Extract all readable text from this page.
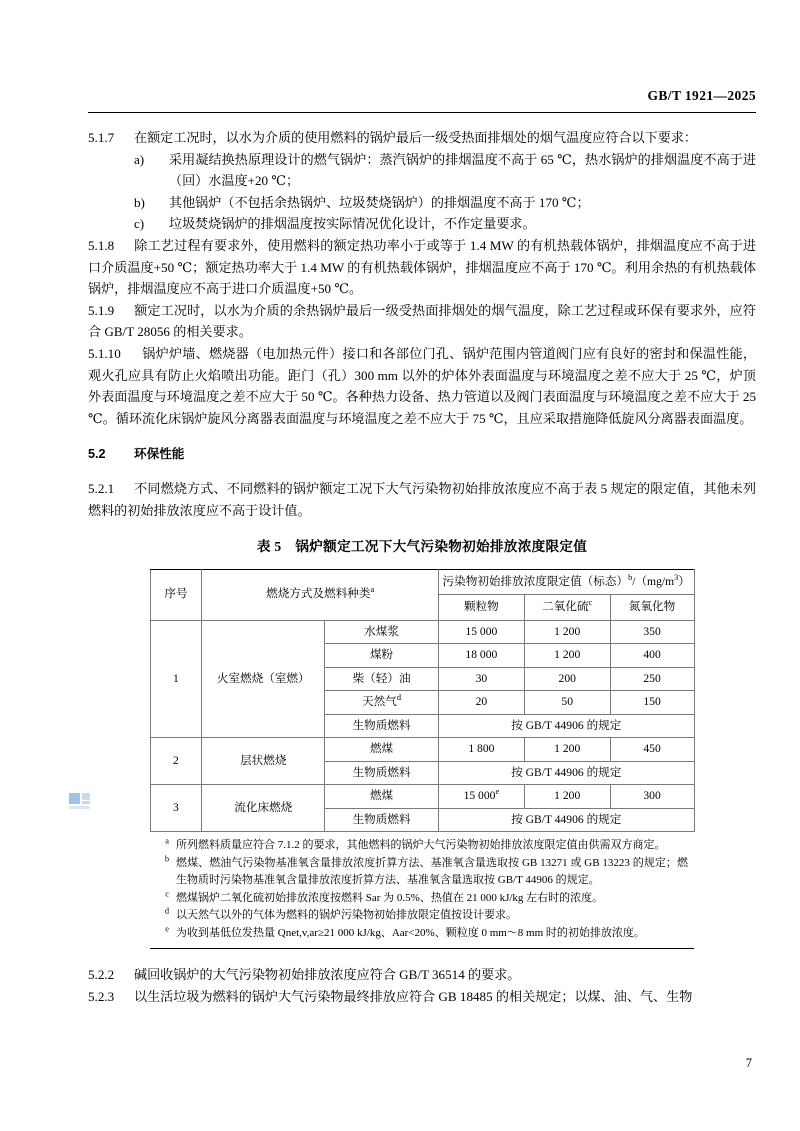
GB/T 1921—2025

5.1.7 在额定工况时，以水为介质的使用燃料的锅炉最后一级受热面排烟处的烟气温度应符合以下要求：

a)	采用凝结换热原理设计的燃气锅炉：蒸汽锅炉的排烟温度不高于 65 ℃，热水锅炉的排烟温度不高于进（回）水温度+20 ℃；
b)	其他锅炉（不包括余热锅炉、垃圾焚烧锅炉）的排烟温度不高于 170 ℃；
c)	垃圾焚烧锅炉的排烟温度按实际情况优化设计，不作定量要求。

5.1.8 除工艺过程有要求外，使用燃料的额定热功率小于或等于 1.4 MW 的有机热载体锅炉，排烟温度应不高于进口介质温度+50 ℃；额定热功率大于 1.4 MW 的有机热载体锅炉，排烟温度应不高于 170 ℃。利用余热的有机热载体锅炉，排烟温度应不高于进口介质温度+50 ℃。

5.1.9 额定工况时，以水为介质的余热锅炉最后一级受热面排烟处的烟气温度，除工艺过程或环保有要求外，应符合 GB/T 28056 的相关要求。

5.1.10 锅炉炉墙、燃烧器（电加热元件）接口和各部位门孔、锅炉范围内管道阀门应有良好的密封和保温性能，观火孔应具有防止火焰喷出功能。距门（孔）300 mm 以外的炉体外表面温度与环境温度之差不应大于 25 ℃，炉顶外表面温度与环境温度之差不应大于 50 ℃。各种热力设备、热力管道以及阀门表面温度与环境温度之差不应大于 25 ℃。循环流化床锅炉旋风分离器表面温度与环境温度之差不应大于 75 ℃，且应采取措施降低旋风分离器表面温度。

5.2 环保性能

5.2.1 不同燃烧方式、不同燃料的锅炉额定工况下大气污染物初始排放浓度应不高于表 5 规定的限定值，其他未列燃料的初始排放浓度应不高于设计值。

表 5　锅炉额定工况下大气污染物初始排放浓度限定值

序号	燃烧方式及燃料种类$^a$		污染物初始排放浓度限定值（标态）$^b/(mg/m^3)$		
			颗粒物	二氧化硫$^c$	氮氧化物
1	火室燃烧（室燃）	水煤浆	15 000	1 200	350
		煤粉	18 000	1 200	400
		柴（轻）油	30	200	250
		天然气$^d$	20	50	150
		生物质燃料	按 GB/T 44906 的规定		
2	层状燃烧	燃煤	1 800	1 200	450
		生物质燃料	按 GB/T 44906 的规定		
3	流化床燃烧	燃煤	15 000e	1 200	300
		生物质燃料	按 GB/T 44906 的规定		

$^a$ 所列燃料质量应符合 7.1.2 的要求，其他燃料的锅炉大气污染物初始排放浓度限定值由供需双方商定。
$^b$ 燃煤、燃油气污染物基准氧含量排放浓度折算方法、基准氧含量选取按 GB 13271 或 GB 13223 的规定；燃生物质时污染物基准氧含量排放浓度折算方法、基准氧含量选取按 GB/T 44906 的规定。
$^c$ 燃煤锅炉二氧化硫初始排放浓度按燃料 Sar 为 0.5%、热值在 21 000 kJ/kg 左右时的浓度。
$^d$ 以天然气以外的气体为燃料的锅炉污染物初始排放限定值按设计要求。
$^e$ 为收到基低位发热量 Qnet,v,ar≥21 000 kJ/kg、Aar<20%、颗粒度 0 mm～8 mm 时的初始排放浓度。

5.2.2 碱回收锅炉的大气污染物初始排放浓度应符合 GB/T 36514 的要求。

5.2.3 以生活垃圾为燃料的锅炉大气污染物最终排放应符合 GB 18485 的相关规定；以煤、油、气、生物

7
